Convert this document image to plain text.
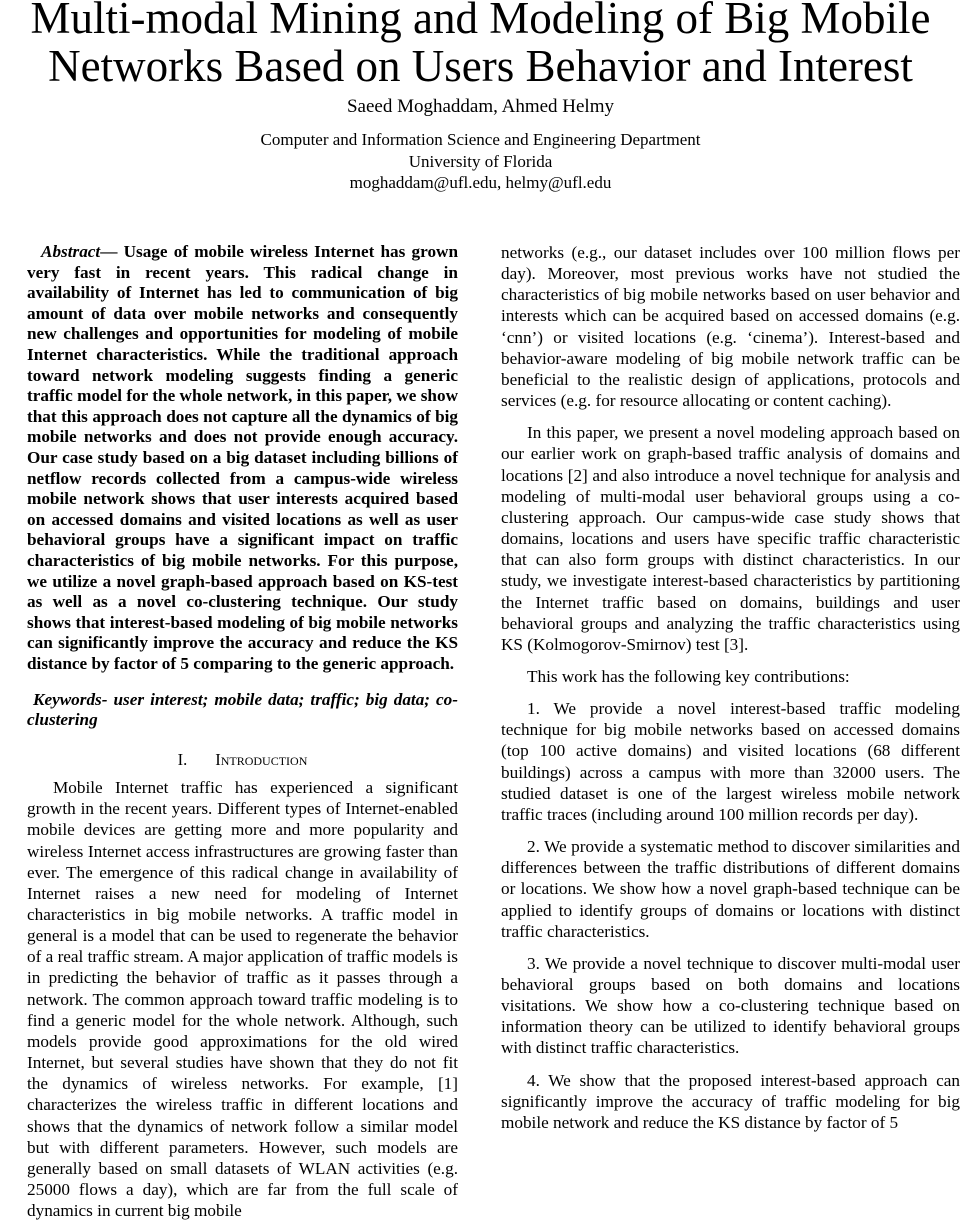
Multi-modal Mining and Modeling of Big Mobile
Networks Based on Users Behavior and Interest
Saeed Moghaddam, Ahmed Helmy
Computer and Information Science and Engineering Department
University of Florida
moghaddam@ufl.edu, helmy@ufl.edu

Abstract— Usage of mobile wireless Internet has grown very fast in recent years. This radical change in availability of Internet has led to communication of big amount of data over mobile networks and consequently new challenges and opportunities for modeling of mobile Internet characteristics. While the traditional approach toward network modeling suggests finding a generic traffic model for the whole network, in this paper, we show that this approach does not capture all the dynamics of big mobile networks and does not provide enough accuracy. Our case study based on a big dataset including billions of netflow records collected from a campus-wide wireless mobile network shows that user interests acquired based on accessed domains and visited locations as well as user behavioral groups have a significant impact on traffic characteristics of big mobile networks. For this purpose, we utilize a novel graph-based approach based on KS-test as well as a novel co-clustering technique. Our study shows that interest-based modeling of big mobile networks can significantly improve the accuracy and reduce the KS distance by factor of 5 comparing to the generic approach.

Keywords- user interest; mobile data; traffic; big data; co-clustering

I. Introduction

Mobile Internet traffic has experienced a significant growth in the recent years. Different types of Internet-enabled mobile devices are getting more and more popularity and wireless Internet access infrastructures are growing faster than ever. The emergence of this radical change in availability of Internet raises a new need for modeling of Internet characteristics in big mobile networks. A traffic model in general is a model that can be used to regenerate the behavior of a real traffic stream. A major application of traffic models is in predicting the behavior of traffic as it passes through a network. The common approach toward traffic modeling is to find a generic model for the whole network. Although, such models provide good approximations for the old wired Internet, but several studies have shown that they do not fit the dynamics of wireless networks. For example, [1] characterizes the wireless traffic in different locations and shows that the dynamics of network follow a similar model but with different parameters. However, such models are generally based on small datasets of WLAN activities (e.g. 25000 flows a day), which are far from the full scale of dynamics in current big mobile

networks (e.g., our dataset includes over 100 million flows per day). Moreover, most previous works have not studied the characteristics of big mobile networks based on user behavior and interests which can be acquired based on accessed domains (e.g. ‘cnn’) or visited locations (e.g. ‘cinema’). Interest-based and behavior-aware modeling of big mobile network traffic can be beneficial to the realistic design of applications, protocols and services (e.g. for resource allocating or content caching).

In this paper, we present a novel modeling approach based on our earlier work on graph-based traffic analysis of domains and locations [2] and also introduce a novel technique for analysis and modeling of multi-modal user behavioral groups using a co-clustering approach. Our campus-wide case study shows that domains, locations and users have specific traffic characteristic that can also form groups with distinct characteristics. In our study, we investigate interest-based characteristics by partitioning the Internet traffic based on domains, buildings and user behavioral groups and analyzing the traffic characteristics using KS (Kolmogorov-Smirnov) test [3].

This work has the following key contributions:

1. We provide a novel interest-based traffic modeling technique for big mobile networks based on accessed domains (top 100 active domains) and visited locations (68 different buildings) across a campus with more than 32000 users. The studied dataset is one of the largest wireless mobile network traffic traces (including around 100 million records per day).

2. We provide a systematic method to discover similarities and differences between the traffic distributions of different domains or locations. We show how a novel graph-based technique can be applied to identify groups of domains or locations with distinct traffic characteristics.

3. We provide a novel technique to discover multi-modal user behavioral groups based on both domains and locations visitations. We show how a co-clustering technique based on information theory can be utilized to identify behavioral groups with distinct traffic characteristics.

4. We show that the proposed interest-based approach can significantly improve the accuracy of traffic modeling for big mobile network and reduce the KS distance by factor of 5
